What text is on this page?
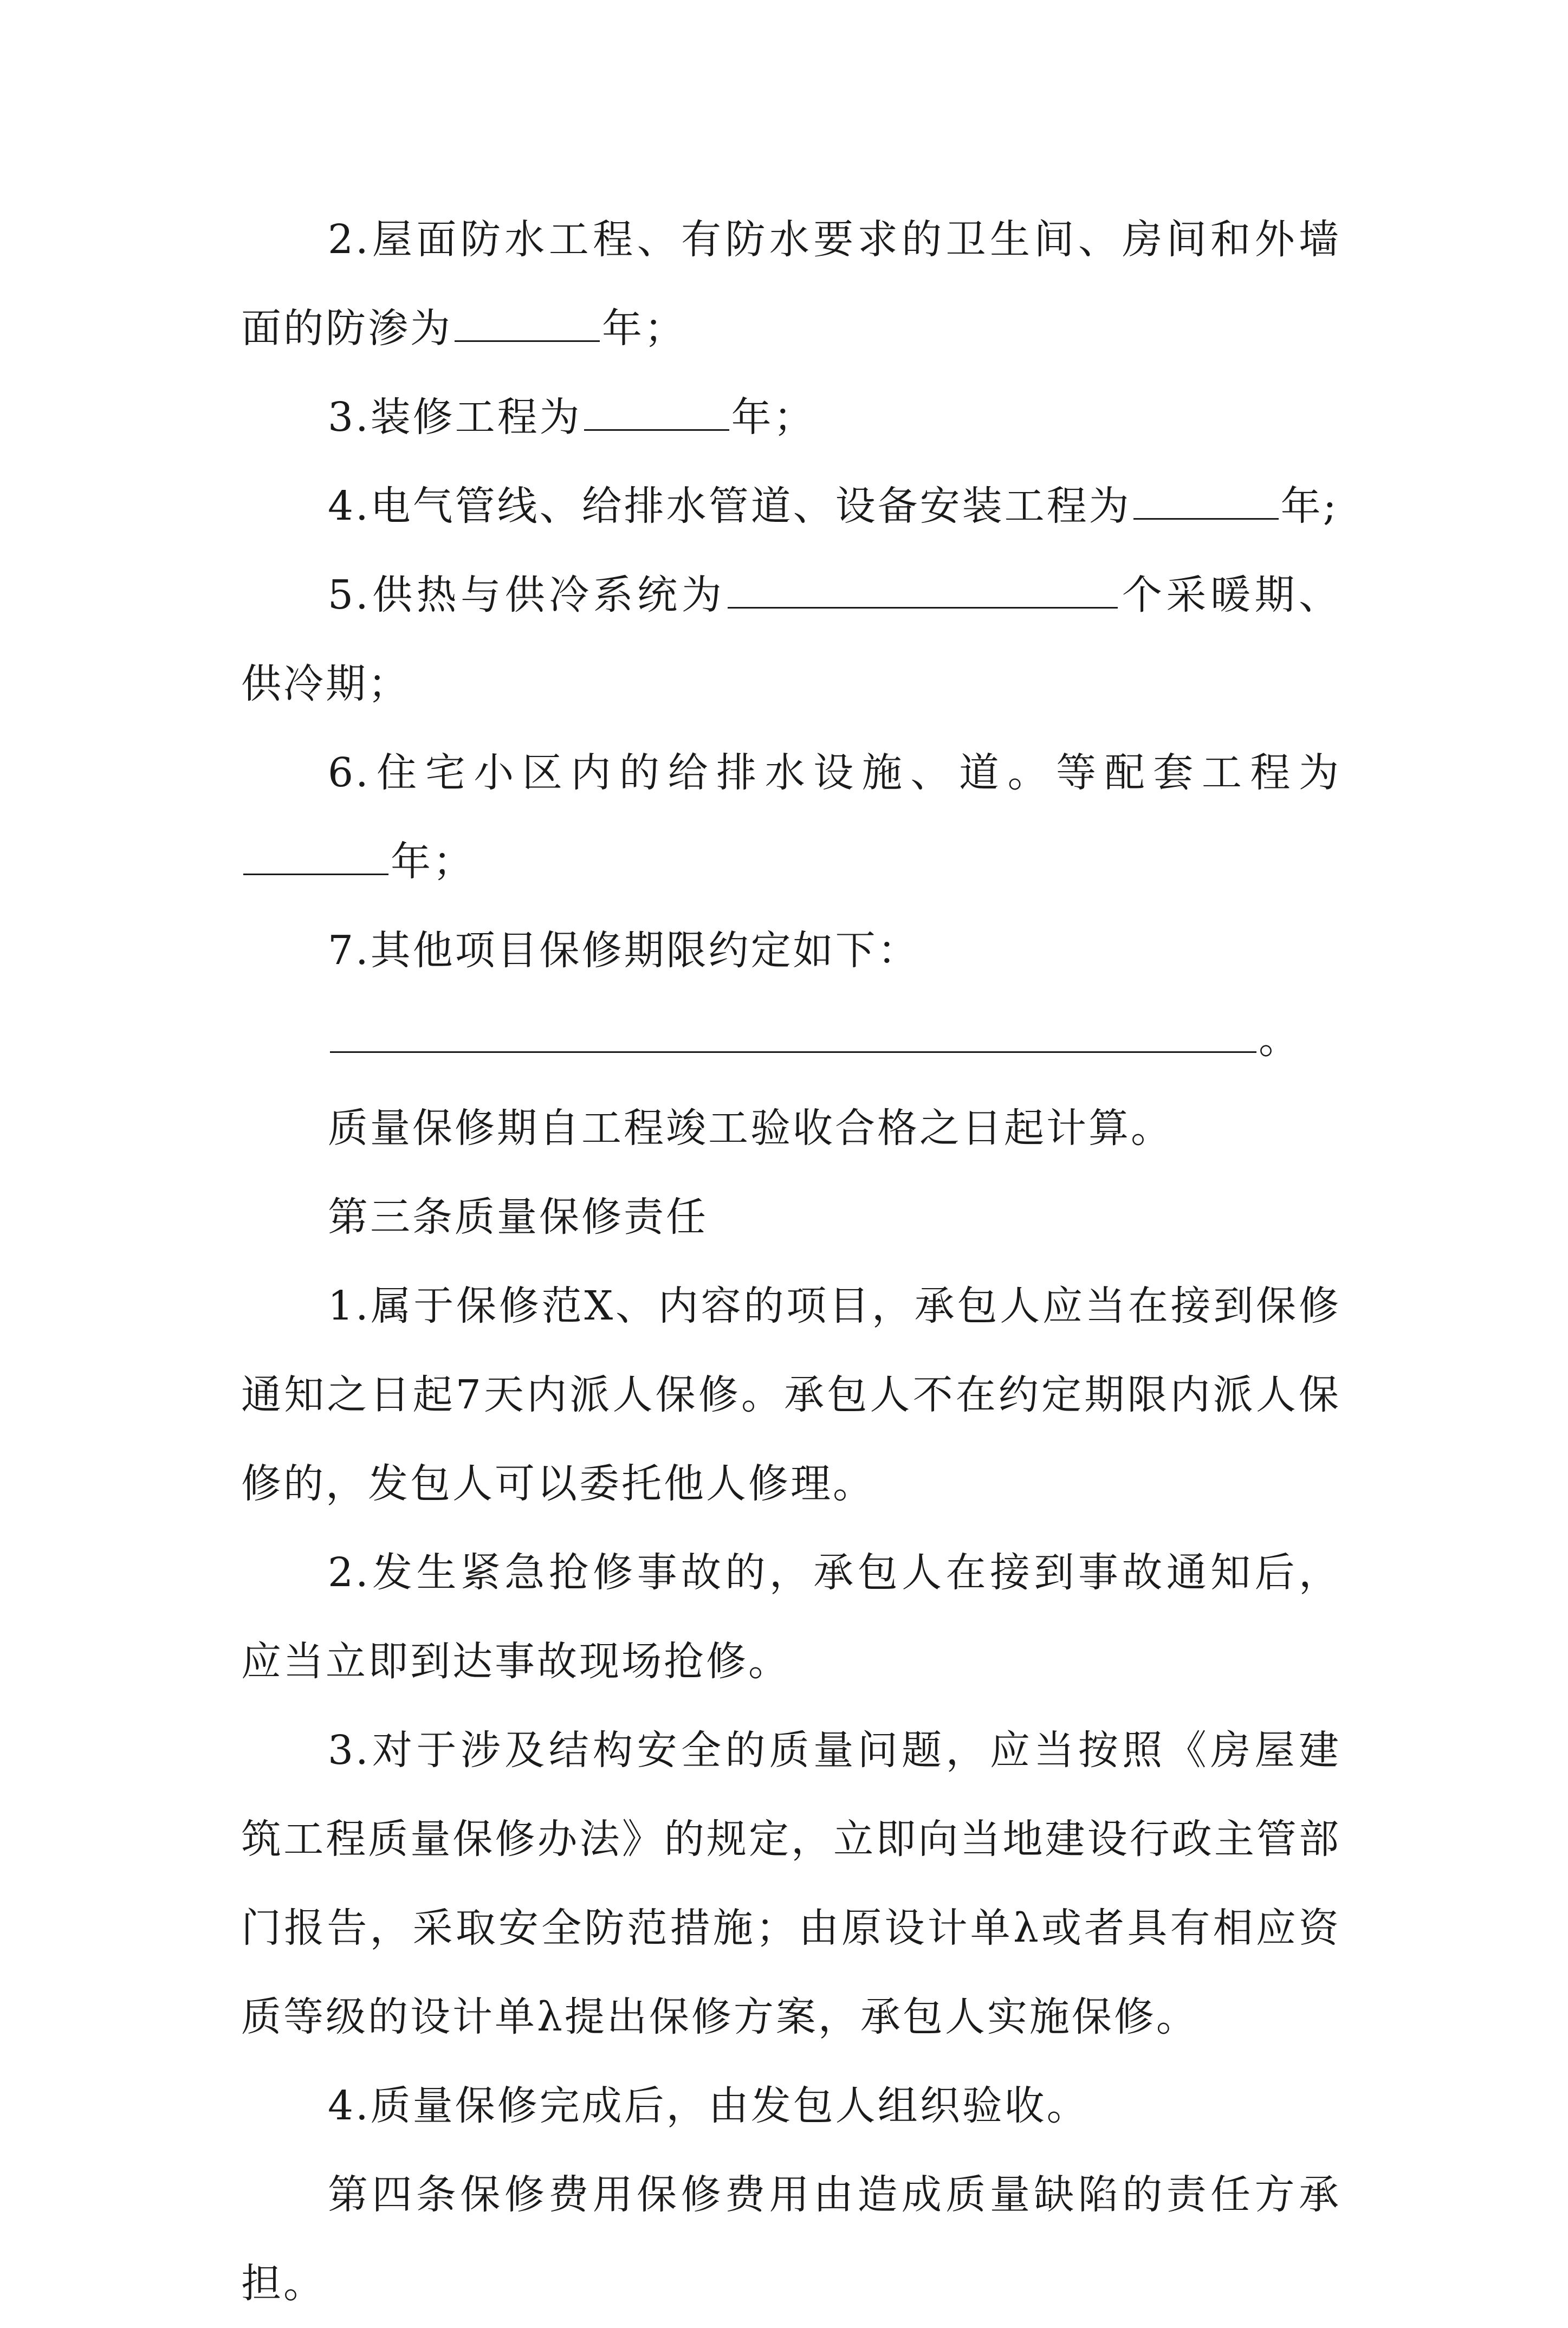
2.屋面防水工程、有防水要求的卫生间、房间和外墙面的防渗为	年；

3.装修工程为	年；

4.电气管线、给排水管道、设备安装工程为	年;

5.供热与供冷系统为	个采暖期、供冷期；

6.住宅小区内的给排水设施、道。等配套工程为年；

7.其他项目保修期限约定如下：

。

质量保修期自工程竣工验收合格之日起计算。

第三条质量保修责任

1.属于保修范X、内容的项目，承包人应当在接到保修通知之日起7天内派人保修。承包人不在约定期限内派人保修的，发包人可以委托他人修理。

2.发生紧急抢修事故的，承包人在接到事故通知后，应当立即到达事故现场抢修。

3.对于涉及结构安全的质量问题，应当按照《房屋建筑工程质量保修办法》的规定，立即向当地建设行政主管部门报告，采取安全防范措施；由原设计单λ或者具有相应资质等级的设计单λ提出保修方案，承包人实施保修。

4.质量保修完成后，由发包人组织验收。

第四条保修费用保修费用由造成质量缺陷的责任方承担。
